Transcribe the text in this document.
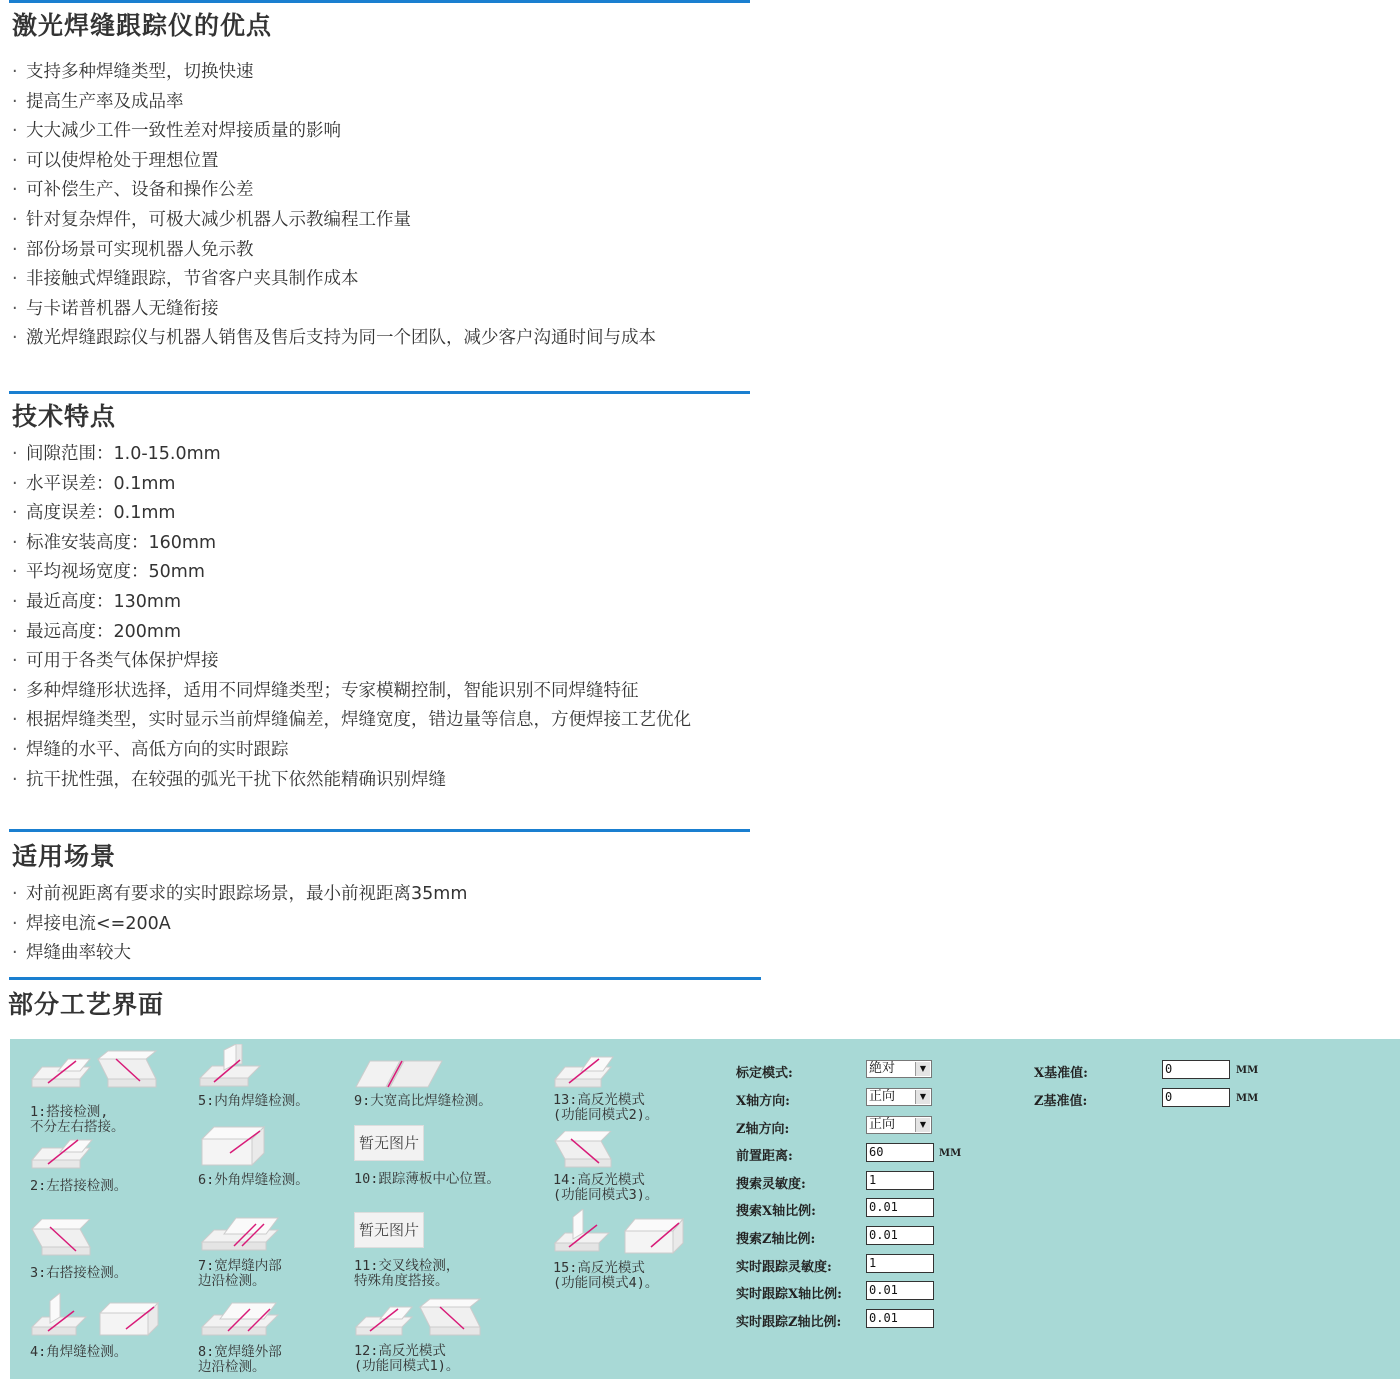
激光焊缝跟踪仪的优点
· 支持多种焊缝类型，切换快速
· 提高生产率及成品率
· 大大减少工件一致性差对焊接质量的影响
· 可以使焊枪处于理想位置
· 可补偿生产、设备和操作公差
· 针对复杂焊件，可极大减少机器人示教编程工作量
· 部份场景可实现机器人免示教
· 非接触式焊缝跟踪，节省客户夹具制作成本
· 与卡诺普机器人无缝衔接
· 激光焊缝跟踪仪与机器人销售及售后支持为同一个团队，减少客户沟通时间与成本
技术特点
· 间隙范围：1.0-15.0mm
· 水平误差：0.1mm
· 高度误差：0.1mm
· 标准安装高度：160mm
· 平均视场宽度：50mm
· 最近高度：130mm
· 最远高度：200mm
· 可用于各类气体保护焊接
· 多种焊缝形状选择，适用不同焊缝类型；专家模糊控制，智能识别不同焊缝特征
· 根据焊缝类型，实时显示当前焊缝偏差，焊缝宽度，错边量等信息，方便焊接工艺优化
· 焊缝的水平、高低方向的实时跟踪
· 抗干扰性强，在较强的弧光干扰下依然能精确识别焊缝
适用场景
· 对前视距离有要求的实时跟踪场景，最小前视距离35mm
· 焊接电流<=200A
· 焊缝曲率较大
部分工艺界面
1:搭接检测,
不分左右搭接。
2:左搭接检测。
3:右搭接检测。
4:角焊缝检测。
5:内角焊缝检测。
6:外角焊缝检测。
7:宽焊缝内部
边沿检测。
8:宽焊缝外部
边沿检测。
9:大宽高比焊缝检测。
暂无图片
10:跟踪薄板中心位置。
暂无图片
11:交叉线检测，
特殊角度搭接。
12:高反光模式
(功能同模式1)。
13:高反光模式
(功能同模式2)。
14:高反光模式
(功能同模式3)。
15:高反光模式
(功能同模式4)。
标定模式:	絶对	▼
X轴方向:	正向	▼
Z轴方向:	正向	▼
前置距离:	60	MM
搜索灵敏度:	1
搜索X轴比例:	0.01
搜索Z轴比例:	0.01
实时跟踪灵敏度:	1
实时跟踪X轴比例: 0.01
实时跟踪Z轴比例: 0.01
X基准值:	0	MM
Z基准值:	0	MM
